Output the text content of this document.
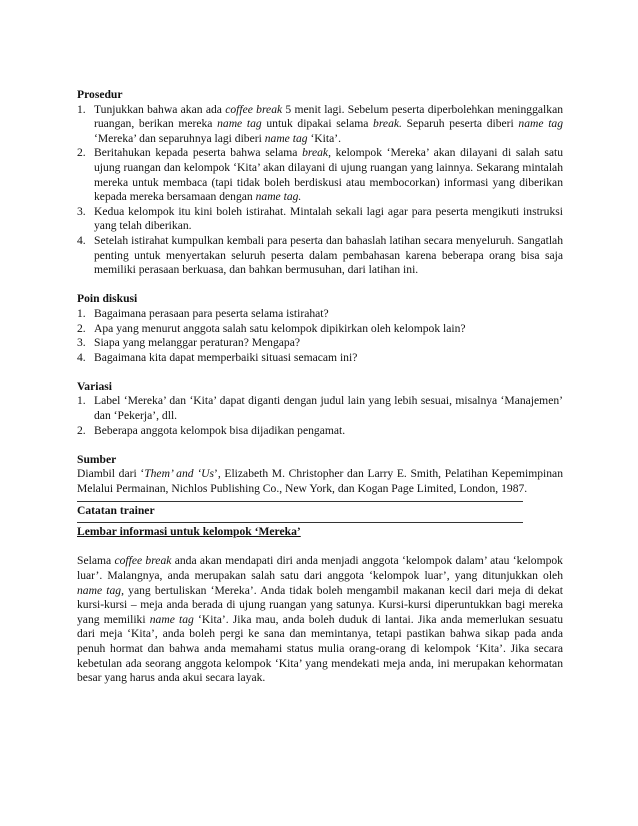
Prosedur

1. Tunjukkan bahwa akan ada coffee break 5 menit lagi. Sebelum peserta diperbolehkan meninggalkan ruangan, berikan mereka name tag untuk dipakai selama break. Separuh peserta diberi name tag ‘Mereka’ dan separuhnya lagi diberi name tag ‘Kita’.
2. Beritahukan kepada peserta bahwa selama break, kelompok ‘Mereka’ akan dilayani di salah satu ujung ruangan dan kelompok ‘Kita’ akan dilayani di ujung ruangan yang lainnya. Sekarang mintalah mereka untuk membaca (tapi tidak boleh berdiskusi atau membocorkan) informasi yang diberikan kepada mereka bersamaan dengan name tag.
3. Kedua kelompok itu kini boleh istirahat. Mintalah sekali lagi agar para peserta mengikuti instruksi yang telah diberikan.
4. Setelah istirahat kumpulkan kembali para peserta dan bahaslah latihan secara menyeluruh. Sangatlah penting untuk menyertakan seluruh peserta dalam pembahasan karena beberapa orang bisa saja memiliki perasaan berkuasa, dan bahkan bermusuhan, dari latihan ini.

Poin diskusi

1. Bagaimana perasaan para peserta selama istirahat?
2. Apa yang menurut anggota salah satu kelompok dipikirkan oleh kelompok lain?
3. Siapa yang melanggar peraturan? Mengapa?
4. Bagaimana kita dapat memperbaiki situasi semacam ini?

Variasi

1. Label ‘Mereka’ dan ‘Kita’ dapat diganti dengan judul lain yang lebih sesuai, misalnya ‘Manajemen’ dan ‘Pekerja’, dll.
2. Beberapa anggota kelompok bisa dijadikan pengamat.

Sumber

Diambil dari ‘Them’ and ‘Us’, Elizabeth M. Christopher dan Larry E. Smith, Pelatihan Kepemimpinan Melalui Permainan, Nichlos Publishing Co., New York, dan Kogan Page Limited, London, 1987.

Catatan trainer

Lembar informasi untuk kelompok ‘Mereka’

Selama coffee break anda akan mendapati diri anda menjadi anggota ‘kelompok dalam’ atau ‘kelompok luar’. Malangnya, anda merupakan salah satu dari anggota ‘kelompok luar’, yang ditunjukkan oleh name tag, yang bertuliskan ‘Mereka’. Anda tidak boleh mengambil makanan kecil dari meja di dekat kursi-kursi – meja anda berada di ujung ruangan yang satunya. Kursi-kursi diperuntukkan bagi mereka yang memiliki name tag ‘Kita’. Jika mau, anda boleh duduk di lantai. Jika anda memerlukan sesuatu dari meja ‘Kita’, anda boleh pergi ke sana dan memintanya, tetapi pastikan bahwa sikap pada anda penuh hormat dan bahwa anda memahami status mulia orang-orang di kelompok ‘Kita’. Jika secara kebetulan ada seorang anggota kelompok ‘Kita’ yang mendekati meja anda, ini merupakan kehormatan besar yang harus anda akui secara layak.
